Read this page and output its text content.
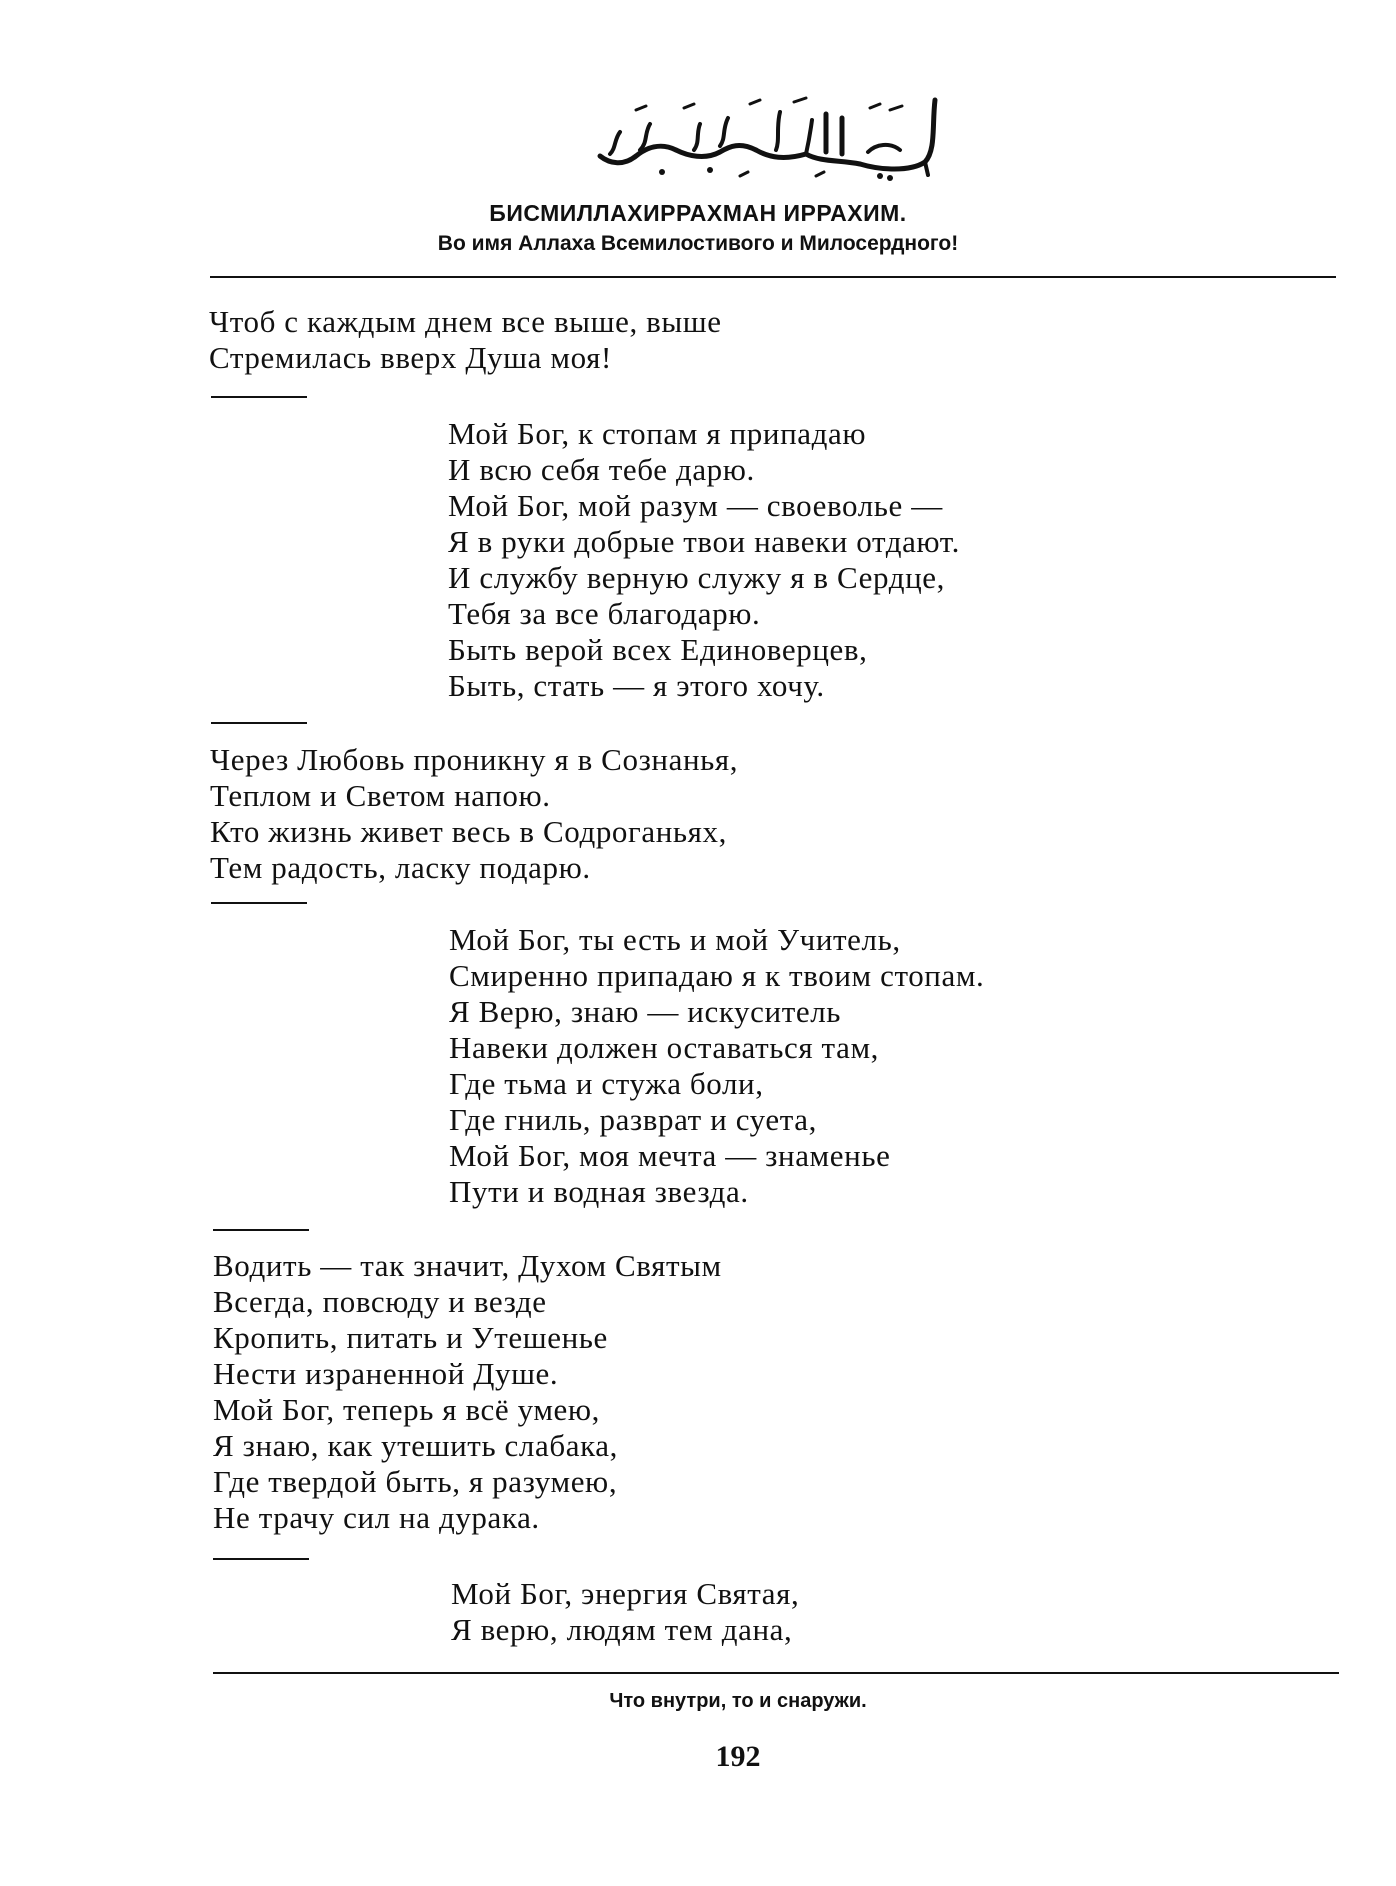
БИСМИЛЛАХИРРАХМАН ИРРАХИМ.

Во имя Аллаха Всемилостивого и Милосердного!

Чтоб с каждым днем все выше, выше
Стремилась вверх Душа моя!
Мой Бог, к стопам я припадаю
И всю себя тебе дарю.
Мой Бог, мой разум — своеволье —
Я в руки добрые твои навеки отдают.
И службу верную служу я в Сердце,
Тебя за все благодарю.
Быть верой всех Единоверцев,
Быть, стать — я этого хочу.
Через Любовь проникну я в Сознанья,
Теплом и Светом напою.
Кто жизнь живет весь в Содроганьях,
Тем радость, ласку подарю.
Мой Бог, ты есть и мой Учитель,
Смиренно припадаю я к твоим стопам.
Я Верю, знаю — искуситель
Навеки должен оставаться там,
Где тьма и стужа боли,
Где гниль, разврат и суета,
Мой Бог, моя мечта — знаменье
Пути и водная звезда.
Водить — так значит, Духом Святым
Всегда, повсюду и везде
Кропить, питать и Утешенье
Нести израненной Душе.
Мой Бог, теперь я всё умею,
Я знаю, как утешить слабака,
Где твердой быть, я разумею,
Не трачу сил на дурака.
Мой Бог, энергия Святая,
Я верю, людям тем дана,

Что внутри, то и снаружи.

192
